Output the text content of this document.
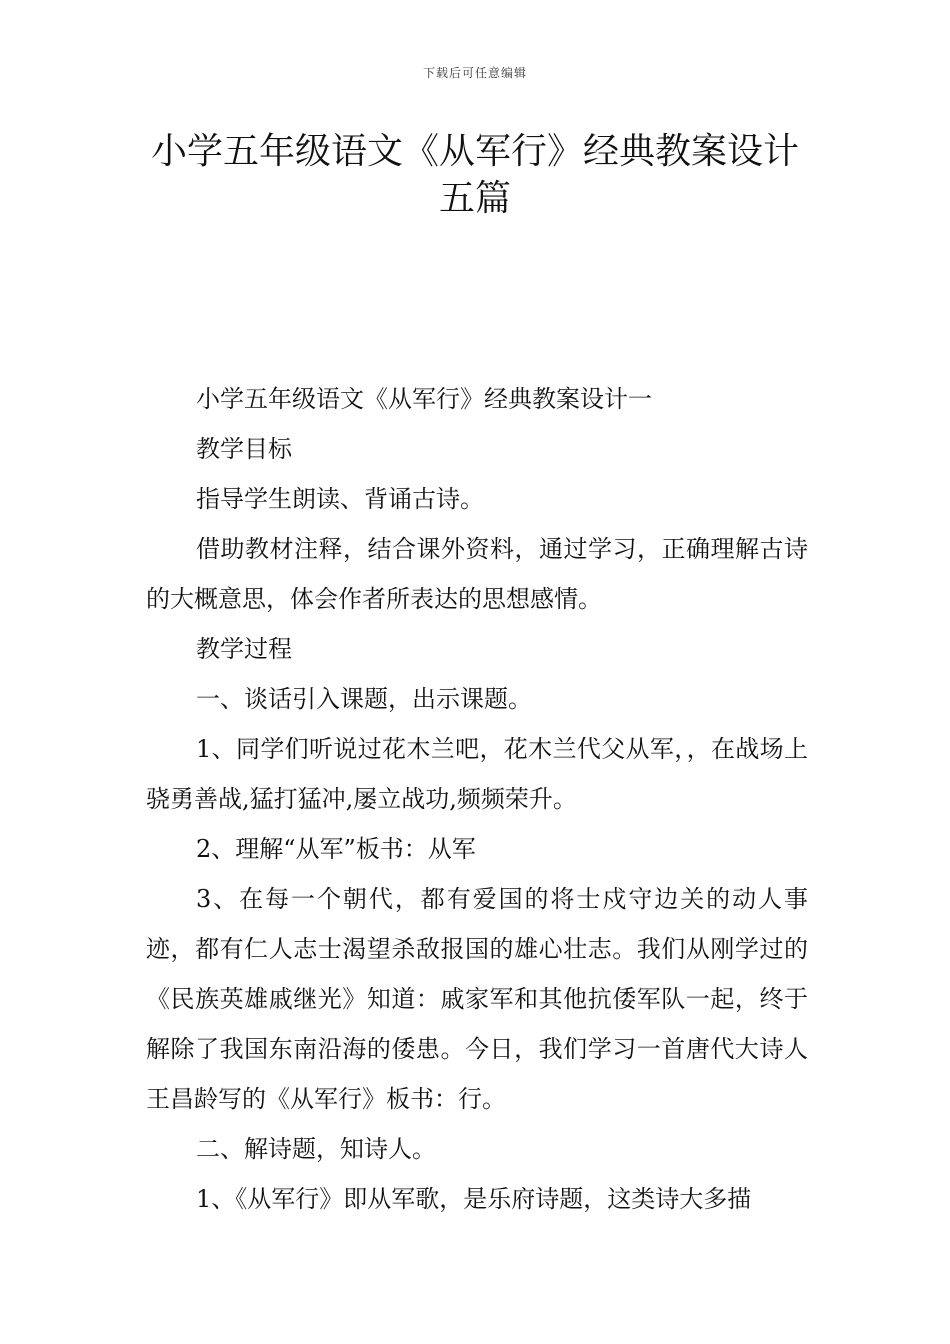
下载后可任意编辑
小学五年级语文《从军行》经典教案设计
五篇

小学五年级语文《从军行》经典教案设计一

教学目标

指导学生朗读、背诵古诗。

借助教材注释，结合课外资料，通过学习，正确理解古诗的大概意思，体会作者所表达的思想感情。

教学过程

一、谈话引入课题，出示课题。

1、同学们听说过花木兰吧，花木兰代父从军，，在战场上骁勇善战,猛打猛冲,屡立战功,频频荣升。

2、理解“从军”板书：从军

3、在每一个朝代，都有爱国的将士戍守边关的动人事迹，都有仁人志士渴望杀敌报国的雄心壮志。我们从刚学过的《民族英雄戚继光》知道：戚家军和其他抗倭军队一起，终于解除了我国东南沿海的倭患。今日，我们学习一首唐代大诗人王昌龄写的《从军行》板书：行。

二、解诗题，知诗人。

1、《从军行》即从军歌，是乐府诗题，这类诗大多描
